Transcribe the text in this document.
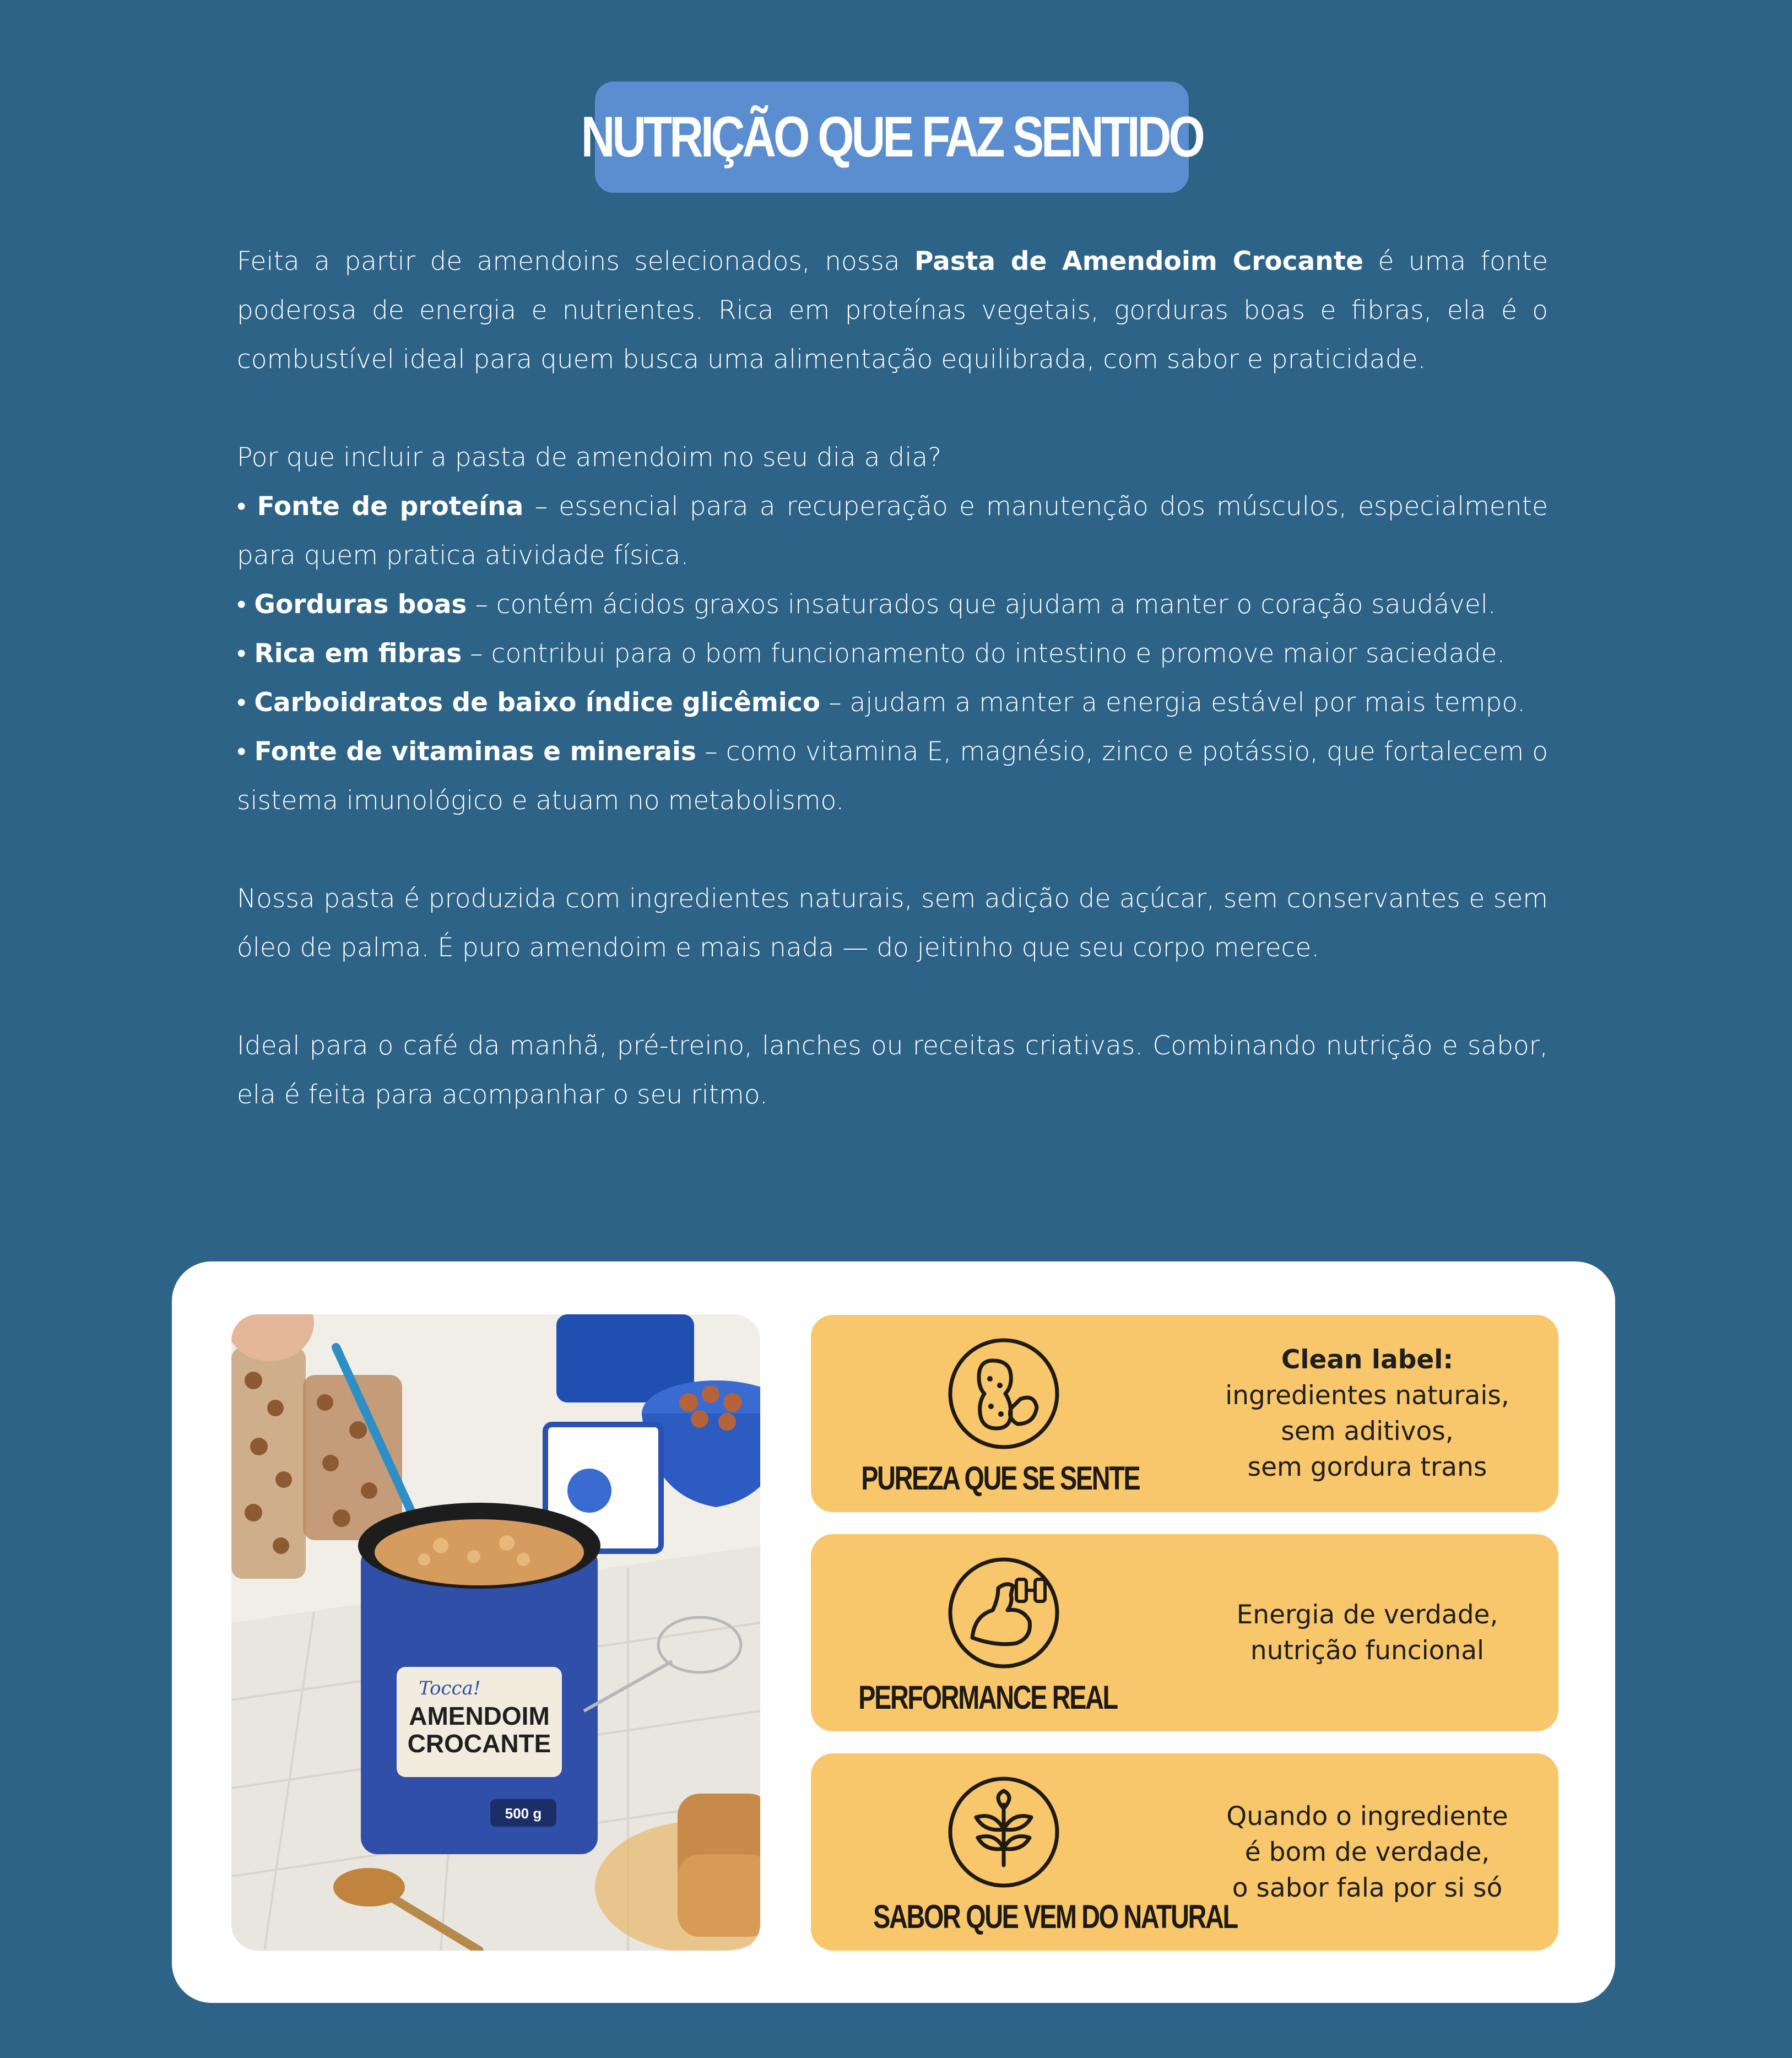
NUTRIÇÃO QUE FAZ SENTIDO

Feita a partir de amendoins selecionados, nossa Pasta de Amendoim Crocante é uma fonte poderosa de energia e nutrientes. Rica em proteínas vegetais, gorduras boas e fibras, ela é o combustível ideal para quem busca uma alimentação equilibrada, com sabor e praticidade.

Por que incluir a pasta de amendoim no seu dia a dia?

• Fonte de proteína – essencial para a recuperação e manutenção dos músculos, especialmente para quem pratica atividade física.

• Gorduras boas – contém ácidos graxos insaturados que ajudam a manter o coração saudável.

• Rica em fibras – contribui para o bom funcionamento do intestino e promove maior saciedade.

• Carboidratos de baixo índice glicêmico – ajudam a manter a energia estável por mais tempo.

• Fonte de vitaminas e minerais – como vitamina E, magnésio, zinco e potássio, que fortalecem o sistema imunológico e atuam no metabolismo.

Nossa pasta é produzida com ingredientes naturais, sem adição de açúcar, sem conservantes e sem óleo de palma. É puro amendoim e mais nada — do jeitinho que seu corpo merece.

Ideal para o café da manhã, pré-treino, lanches ou receitas criativas. Combinando nutrição e sabor, ela é feita para acompanhar o seu ritmo.

Tocca!
AMENDOIM
CROCANTE
500 g
PUREZA QUE SE SENTE
Clean label:
ingredientes naturais,
sem aditivos,
sem gordura trans
PERFORMANCE REAL
Energia de verdade,
nutrição funcional
SABOR QUE VEM DO NATURAL
Quando o ingrediente
é bom de verdade,
o sabor fala por si só
